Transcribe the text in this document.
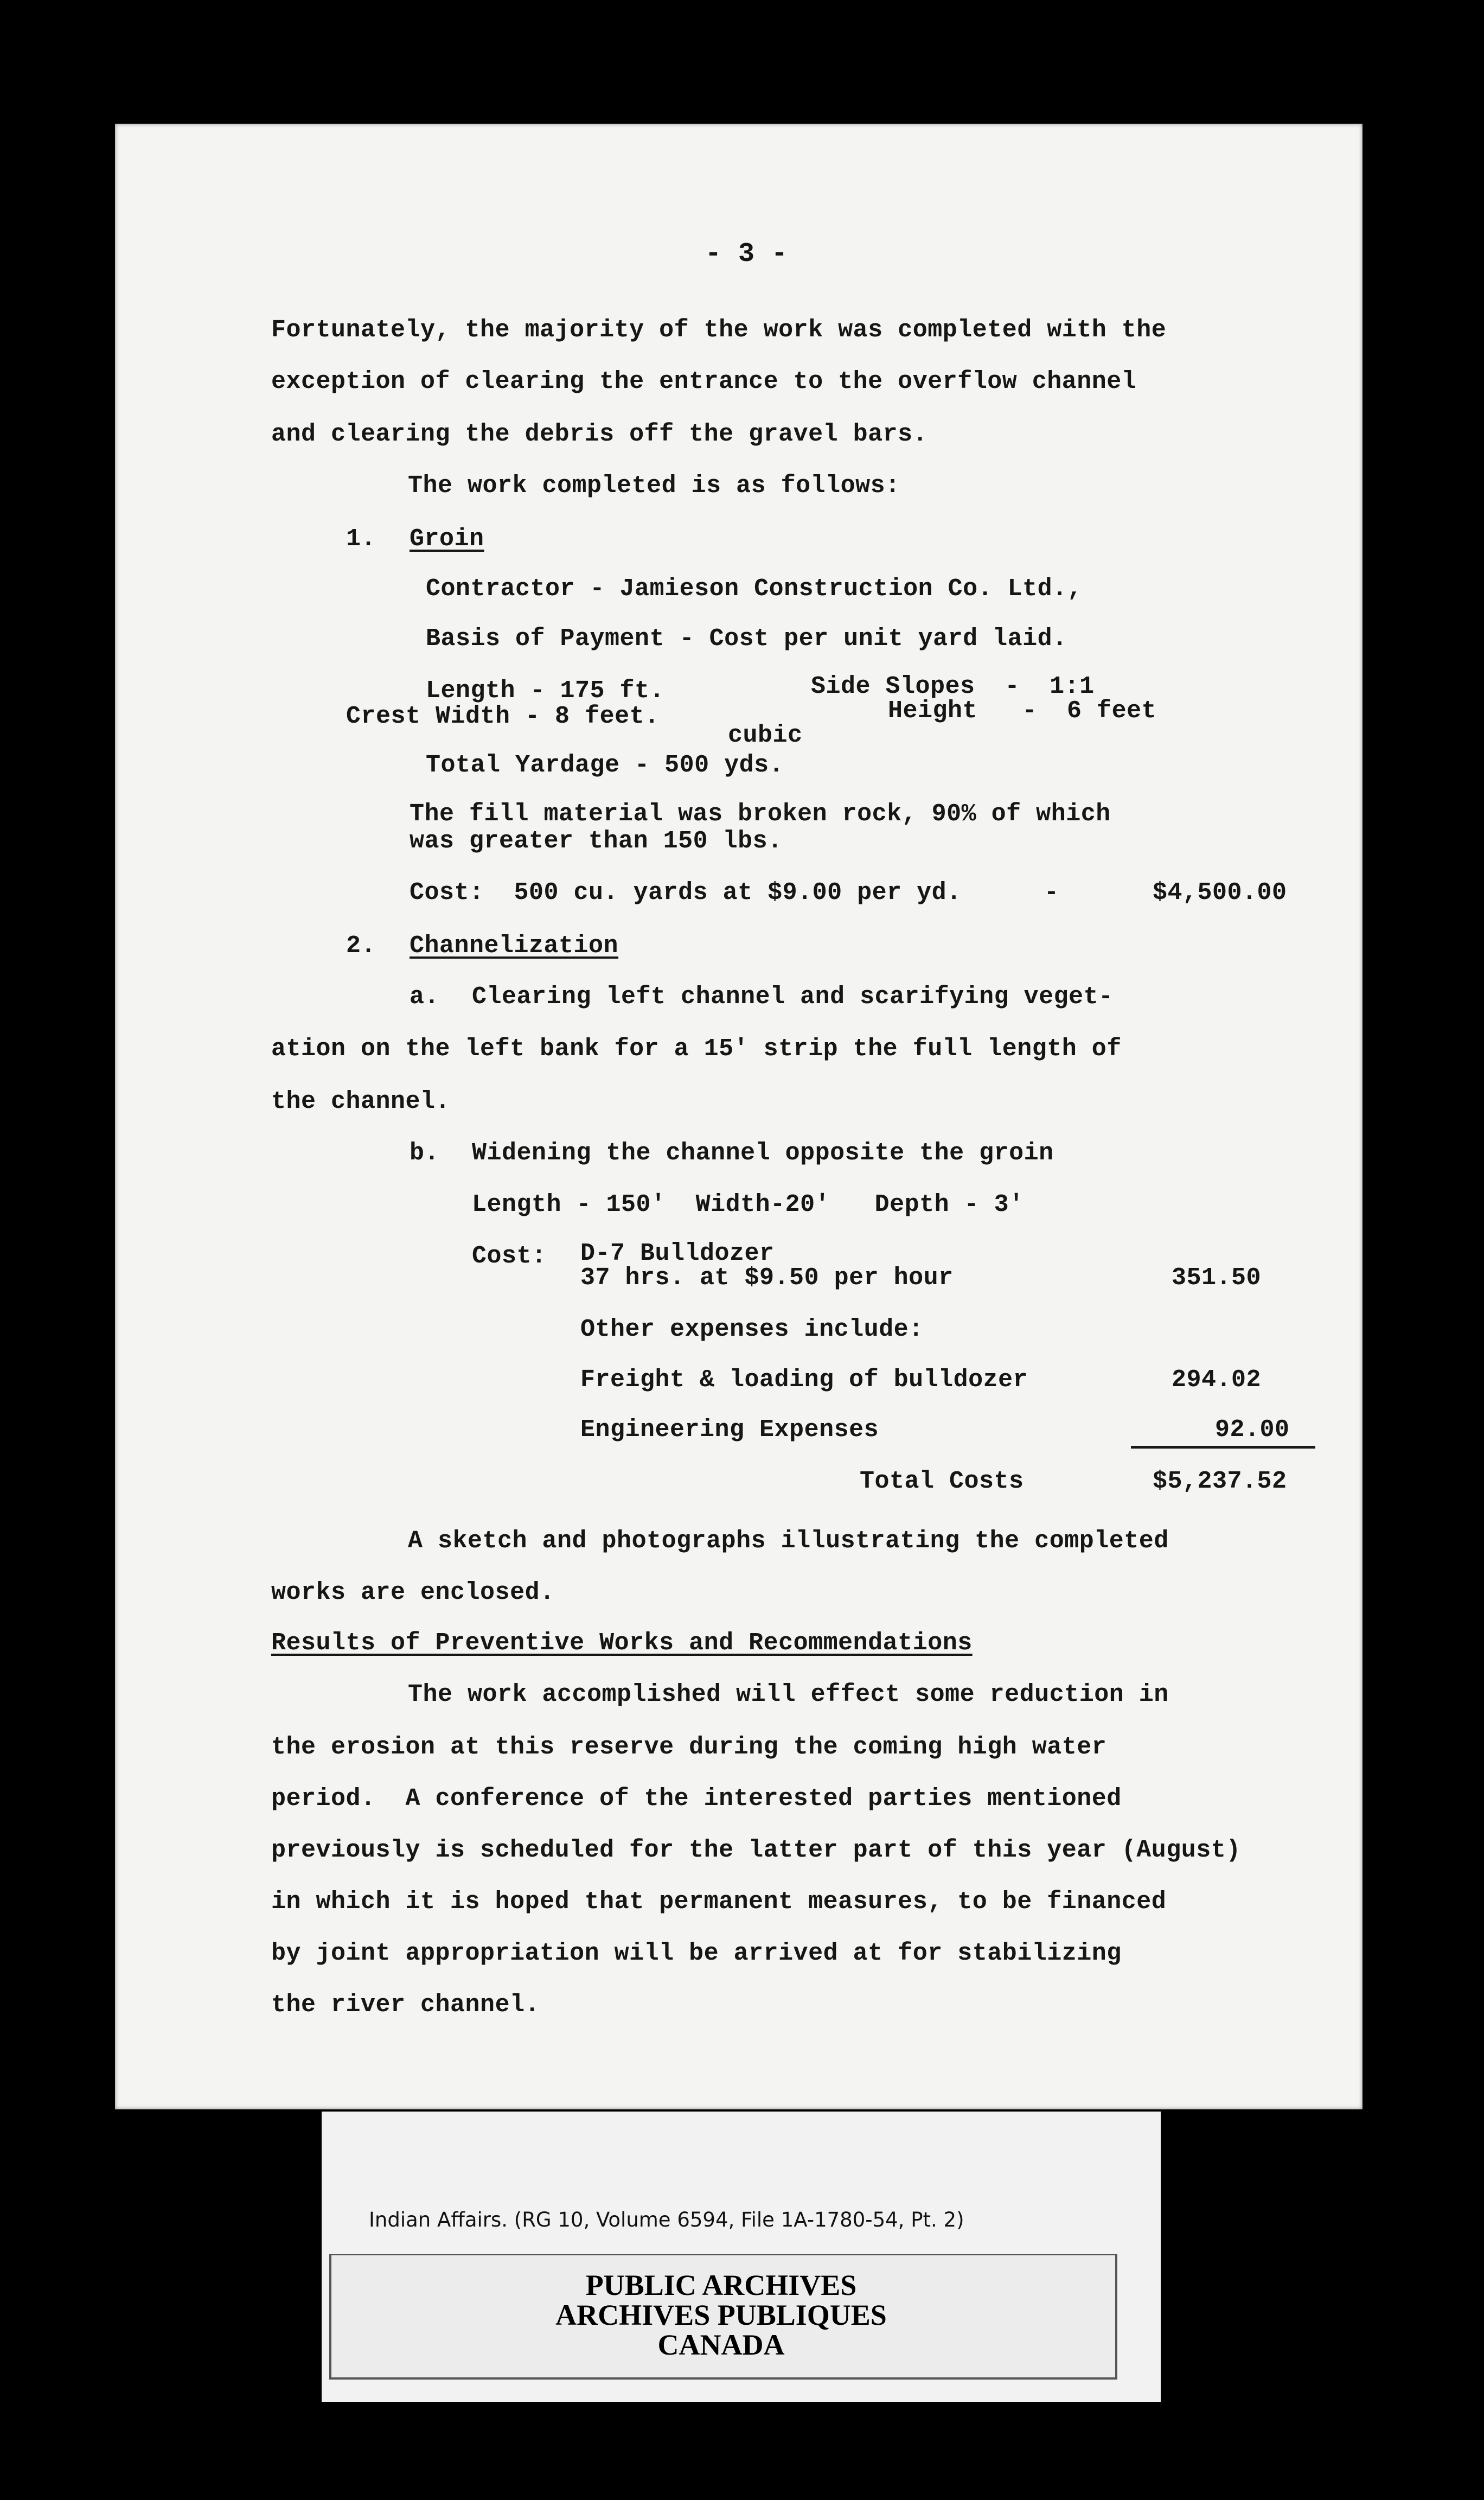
- 3 -
Fortunately, the majority of the work was completed with the
exception of clearing the entrance to the overflow channel
and clearing the debris off the gravel bars.
The work completed is as follows:
1. Groin
Contractor - Jamieson Construction Co. Ltd.,
Basis of Payment - Cost per unit yard laid.
Length - 175 ft.
Crest Width - 8 feet.
Side Slopes  -  1:1
Height   -  6 feet
cubic
Total Yardage - 500 yds.
The fill material was broken rock, 90% of which
was greater than 150 lbs.
Cost:  500 cu. yards at $9.00 per yd.	-	$4,500.00
2. Channelization
a. Clearing left channel and scarifying veget-
ation on the left bank for a 15' strip the full length of
the channel.
b. Widening the channel opposite the groin
Length - 150'  Width-20'   Depth - 3'
Cost: D-7 Bulldozer
37 hrs. at $9.50 per hour	351.50
Other expenses include:
Freight & loading of bulldozer	294.02
Engineering Expenses	92.00
Total Costs	$5,237.52
A sketch and photographs illustrating the completed
works are enclosed.
Results of Preventive Works and Recommendations
The work accomplished will effect some reduction in
the erosion at this reserve during the coming high water
period.  A conference of the interested parties mentioned
previously is scheduled for the latter part of this year (August)
in which it is hoped that permanent measures, to be financed
by joint appropriation will be arrived at for stabilizing
the river channel.
Indian Affairs. (RG 10, Volume 6594, File 1A-1780-54, Pt. 2)
PUBLIC ARCHIVES
ARCHIVES PUBLIQUES
CANADA
